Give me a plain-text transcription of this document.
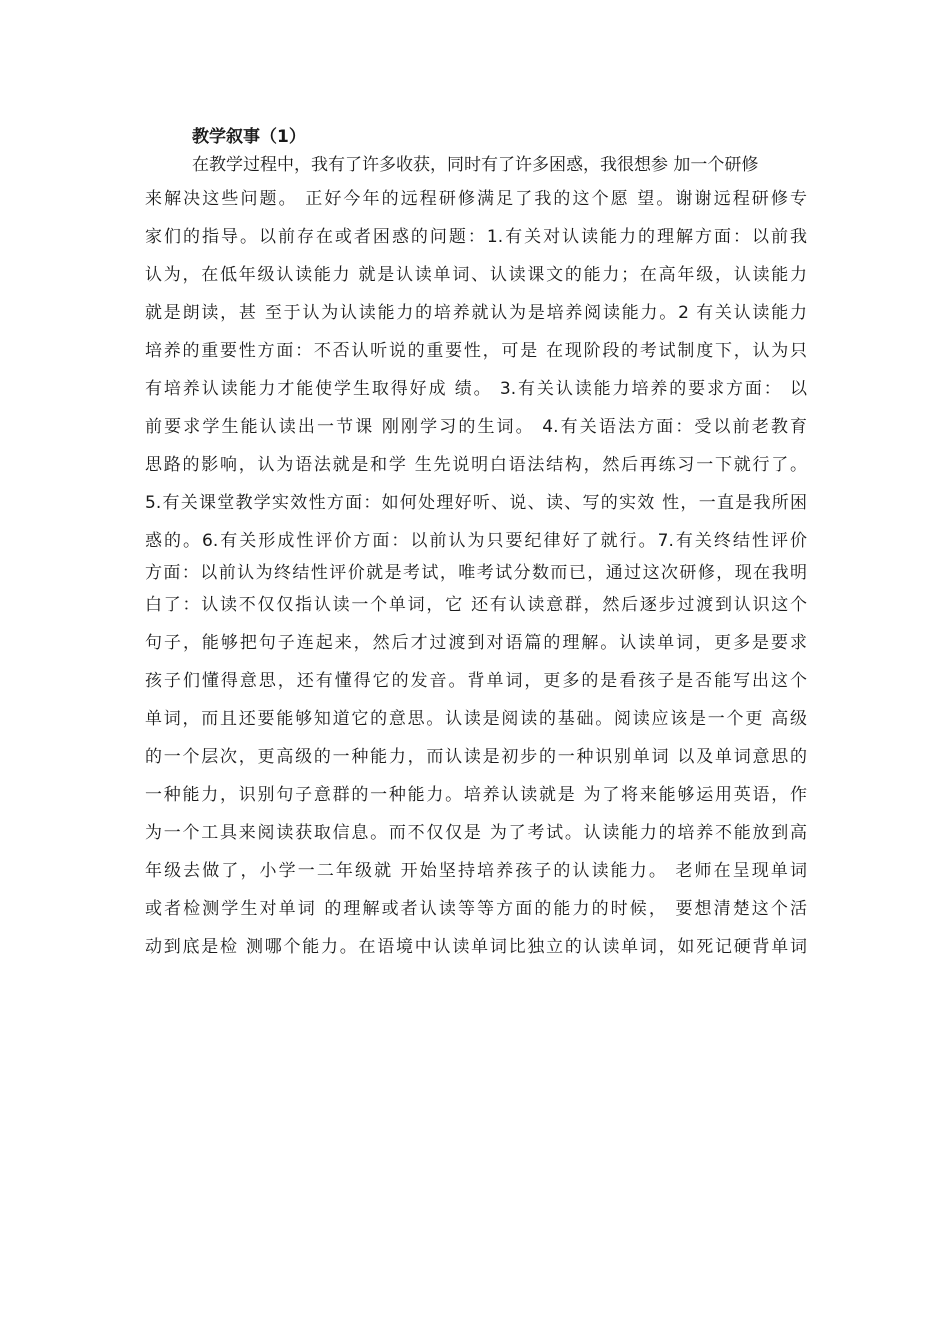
教学叙事（1）
在教学过程中，我有了许多收获，同时有了许多困惑，我很想参 加一个研修
来解决这些问题。 正好今年的远程研修满足了我的这个愿 望。谢谢远程研修专
家们的指导。以前存在或者困惑的问题：1.有关对认读能力的理解方面：以前我
认为，在低年级认读能力 就是认读单词、认读课文的能力；在高年级，认读能力
就是朗读，甚 至于认为认读能力的培养就认为是培养阅读能力。2 有关认读能力
培养的重要性方面：不否认听说的重要性，可是 在现阶段的考试制度下，认为只
有培养认读能力才能使学生取得好成 绩。 3.有关认读能力培养的要求方面： 以
前要求学生能认读出一节课 刚刚学习的生词。 4.有关语法方面：受以前老教育
思路的影响，认为语法就是和学 生先说明白语法结构，然后再练习一下就行了。
5.有关课堂教学实效性方面：如何处理好听、说、读、写的实效 性，一直是我所困
惑的。6.有关形成性评价方面：以前认为只要纪律好了就行。7.有关终结性评价
方面：以前认为终结性评价就是考试，唯考试分数而已，通过这次研修，现在我明
白了：认读不仅仅指认读一个单词，它 还有认读意群，然后逐步过渡到认识这个
句子，能够把句子连起来，然后才过渡到对语篇的理解。认读单词，更多是要求
孩子们懂得意思，还有懂得它的发音。背单词，更多的是看孩子是否能写出这个
单词，而且还要能够知道它的意思。认读是阅读的基础。阅读应该是一个更 高级
的一个层次，更高级的一种能力，而认读是初步的一种识别单词 以及单词意思的
一种能力，识别句子意群的一种能力。培养认读就是 为了将来能够运用英语，作
为一个工具来阅读获取信息。而不仅仅是 为了考试。认读能力的培养不能放到高
年级去做了，小学一二年级就 开始坚持培养孩子的认读能力。 老师在呈现单词
或者检测学生对单词 的理解或者认读等等方面的能力的时候， 要想清楚这个活
动到底是检 测哪个能力。在语境中认读单词比独立的认读单词，如死记硬背单词
